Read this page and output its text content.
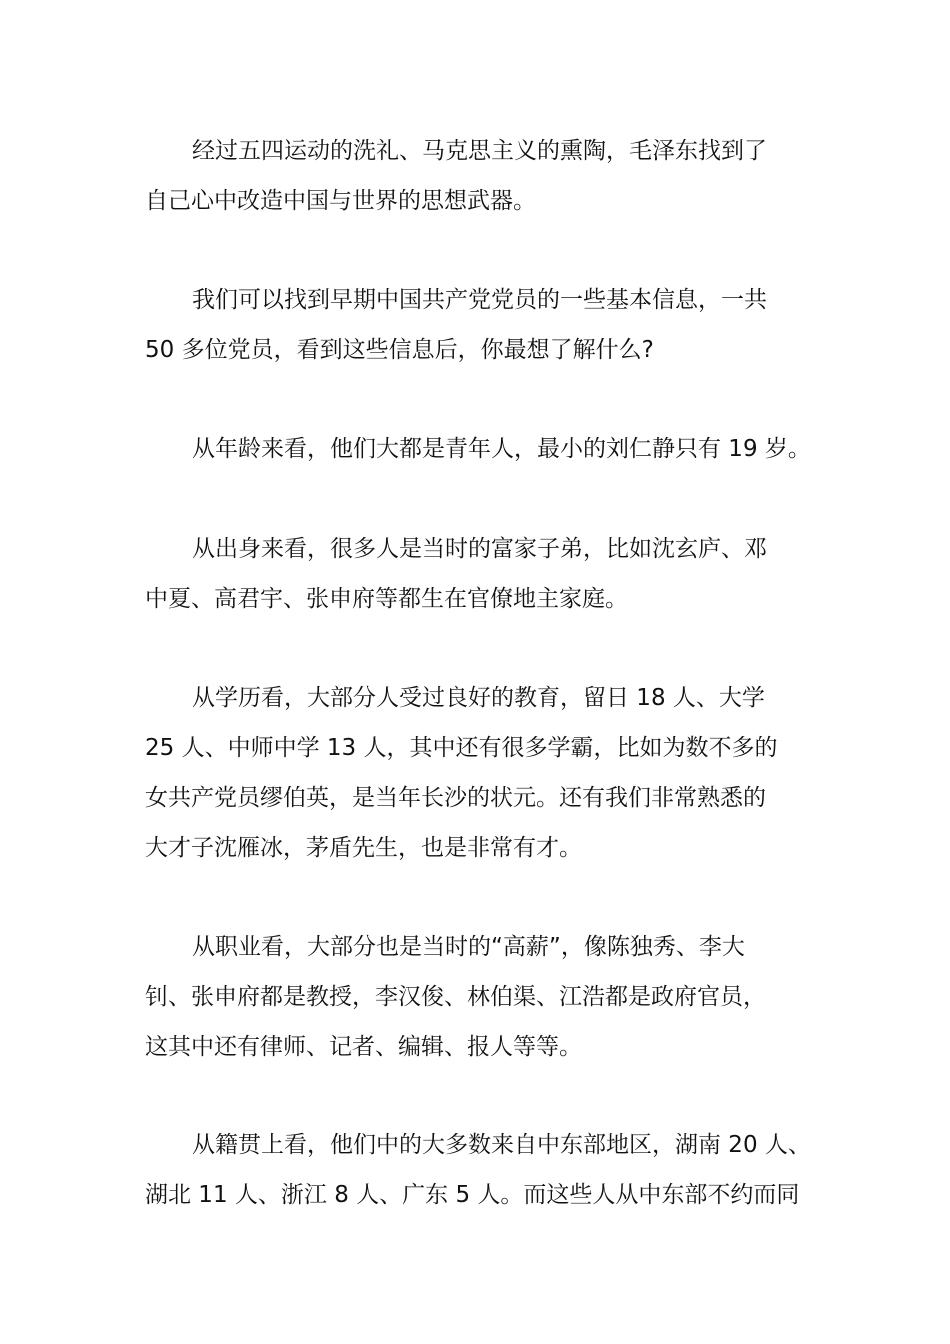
经过五四运动的洗礼、马克思主义的熏陶，毛泽东找到了
自己心中改造中国与世界的思想武器。

我们可以找到早期中国共产党党员的一些基本信息，一共
50 多位党员，看到这些信息后，你最想了解什么?

从年龄来看，他们大都是青年人，最小的刘仁静只有 19 岁。

从出身来看，很多人是当时的富家子弟，比如沈玄庐、邓
中夏、高君宇、张申府等都生在官僚地主家庭。

从学历看，大部分人受过良好的教育，留日 18 人、大学
25 人、中师中学 13 人，其中还有很多学霸，比如为数不多的
女共产党员缪伯英，是当年长沙的状元。还有我们非常熟悉的
大才子沈雁冰，茅盾先生，也是非常有才。

从职业看，大部分也是当时的“高薪”，像陈独秀、李大
钊、张申府都是教授，李汉俊、林伯渠、江浩都是政府官员，
这其中还有律师、记者、编辑、报人等等。

从籍贯上看，他们中的大多数来自中东部地区，湖南 20 人、
湖北 11 人、浙江 8 人、广东 5 人。而这些人从中东部不约而同
